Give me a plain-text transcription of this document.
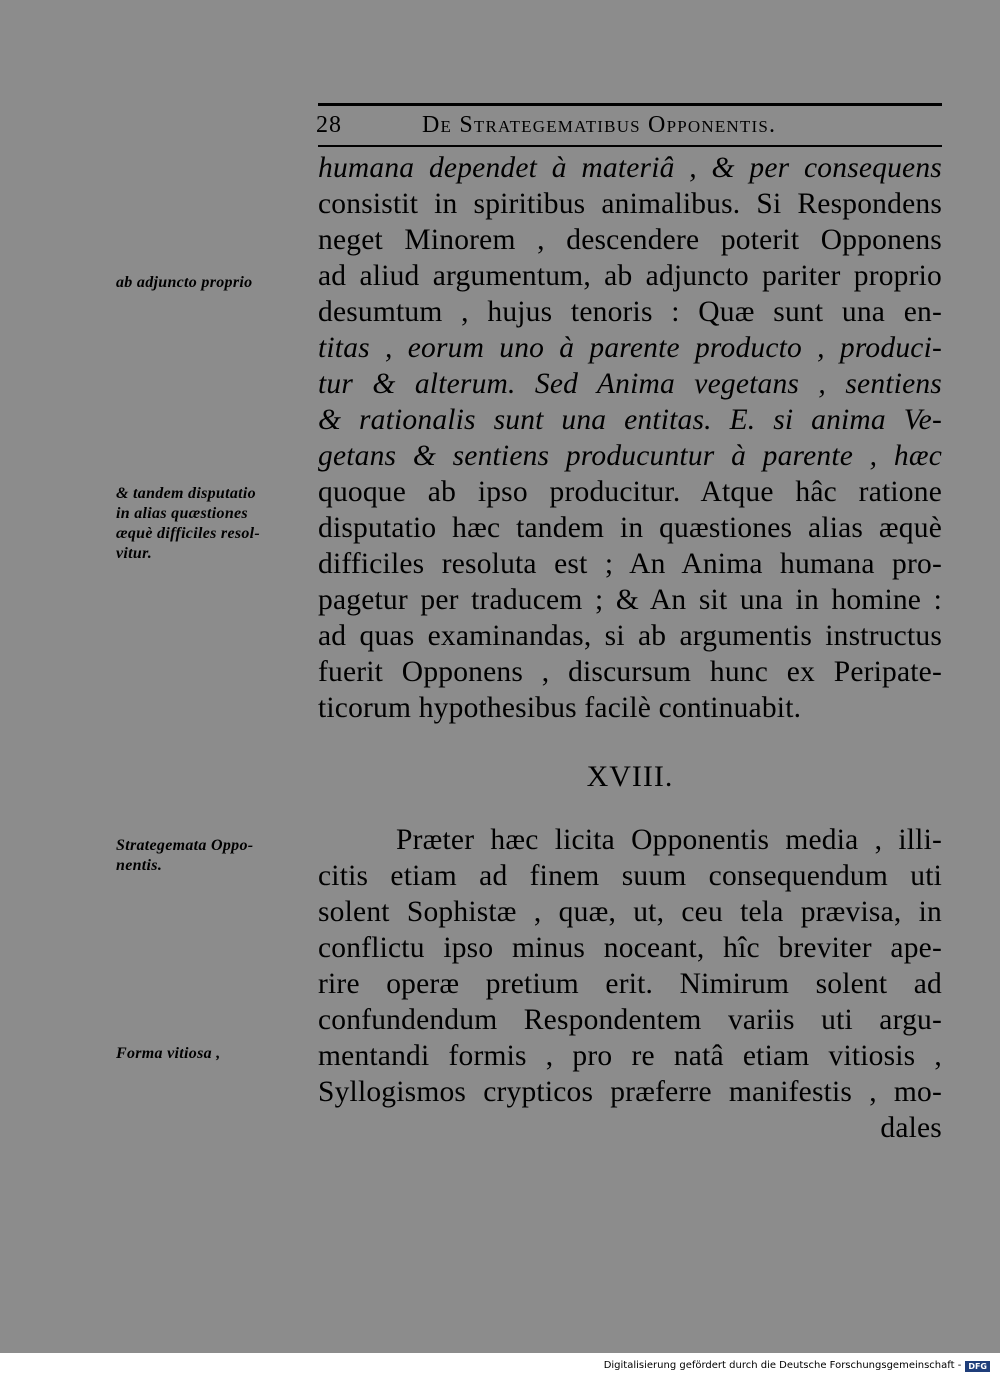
28	De Strategematibus Opponentis.
humana dependet à materiâ , & per consequens
consistit in spiritibus animalibus. Si Respondens
neget Minorem , descendere poterit Opponens
ad aliud argumentum, ab adjuncto pariter proprio
desumtum , hujus tenoris : Quæ sunt una en-
titas , eorum uno à parente producto , produci-
tur & alterum. Sed Anima vegetans , sentiens
& rationalis sunt una entitas. E. si anima Ve-
getans & sentiens producuntur à parente , hæc
quoque ab ipso producitur. Atque hâc ratione
disputatio hæc tandem in quæstiones alias æquè
difficiles resoluta est ; An Anima humana pro-
pagetur per traducem ; & An sit una in homine :
ad quas examinandas, si ab argumentis instructus
fuerit Opponens , discursum hunc ex Peripate-
ticorum hypothesibus facilè continuabit.
XVIII.
Præter hæc licita Opponentis media , illi-
citis etiam ad finem suum consequendum uti
solent Sophistæ , quæ, ut, ceu tela prævisa, in
conflictu ipso minus noceant, hîc breviter ape-
rire operæ pretium erit. Nimirum solent ad
confundendum Respondentem variis uti argu-
mentandi formis , pro re natâ etiam vitiosis ,
Syllogismos crypticos præferre manifestis , mo-
dales
ab adjuncto proprio
& tandem disputatio
in alias quæstiones
æquè difficiles resol-
vitur.
Strategemata Oppo-
nentis.
Forma vitiosa ,
Digitalisierung gefördert durch die Deutsche Forschungsgemeinschaft - DFG
